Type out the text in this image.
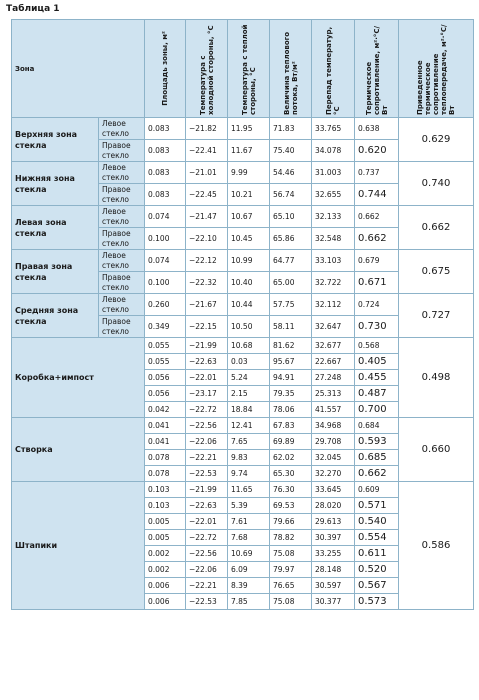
Таблица 1
Зона		Площадь зоны, м²	Температура с холодной стороны, °С	Температура с теплой стороны, °С	Величина теплового потока, Вт/м²	Перепад температур, °С	Термическое сопротивление, м²·°С/Вт	Приведенное термическое сопротивление теплопередаче, м²·°С/Вт

Верхняя зона стекла	Левое стекло	0.083	−21.82	11.95	71.83	33.765	0.638	0.629
	Правое стекло	0.083	−22.41	11.67	75.40	34.078	0.620	
Нижняя зона стекла	Левое стекло	0.083	−21.01	9.99	54.46	31.003	0.737	0.740
	Правое стекло	0.083	−22.45	10.21	56.74	32.655	0.744	
Левая зона стекла	Левое стекло	0.074	−21.47	10.67	65.10	32.133	0.662	0.662
	Правое стекло	0.100	−22.10	10.45	65.86	32.548	0.662	
Правая зона стекла	Левое стекло	0.074	−22.12	10.99	64.77	33.103	0.679	0.675
	Правое стекло	0.100	−22.32	10.40	65.00	32.722	0.671	
Средняя зона стекла	Левое стекло	0.260	−21.67	10.44	57.75	32.112	0.724	0.727
	Правое стекло	0.349	−22.15	10.50	58.11	32.647	0.730	
Коробка+импост		0.055	−21.99	10.68	81.62	32.677	0.568	0.498
		0.055	−22.63	0.03	95.67	22.667	0.405	
		0.056	−22.01	5.24	94.91	27.248	0.455	
		0.056	−23.17	2.15	79.35	25.313	0.487	
		0.042	−22.72	18.84	78.06	41.557	0.700	
Створка		0.041	−22.56	12.41	67.83	34.968	0.684	0.660
		0.041	−22.06	7.65	69.89	29.708	0.593	
		0.078	−22.21	9.83	62.02	32.045	0.685	
		0.078	−22.53	9.74	65.30	32.270	0.662	
Штапики		0.103	−21.99	11.65	76.30	33.645	0.609	0.586
		0.103	−22.63	5.39	69.53	28.020	0.571	
		0.005	−22.01	7.61	79.66	29.613	0.540	
		0.005	−22.72	7.68	78.82	30.397	0.554	
		0.002	−22.56	10.69	75.08	33.255	0.611	
		0.002	−22.06	6.09	79.97	28.148	0.520	
		0.006	−22.21	8.39	76.65	30.597	0.567	
		0.006	−22.53	7.85	75.08	30.377	0.573	
